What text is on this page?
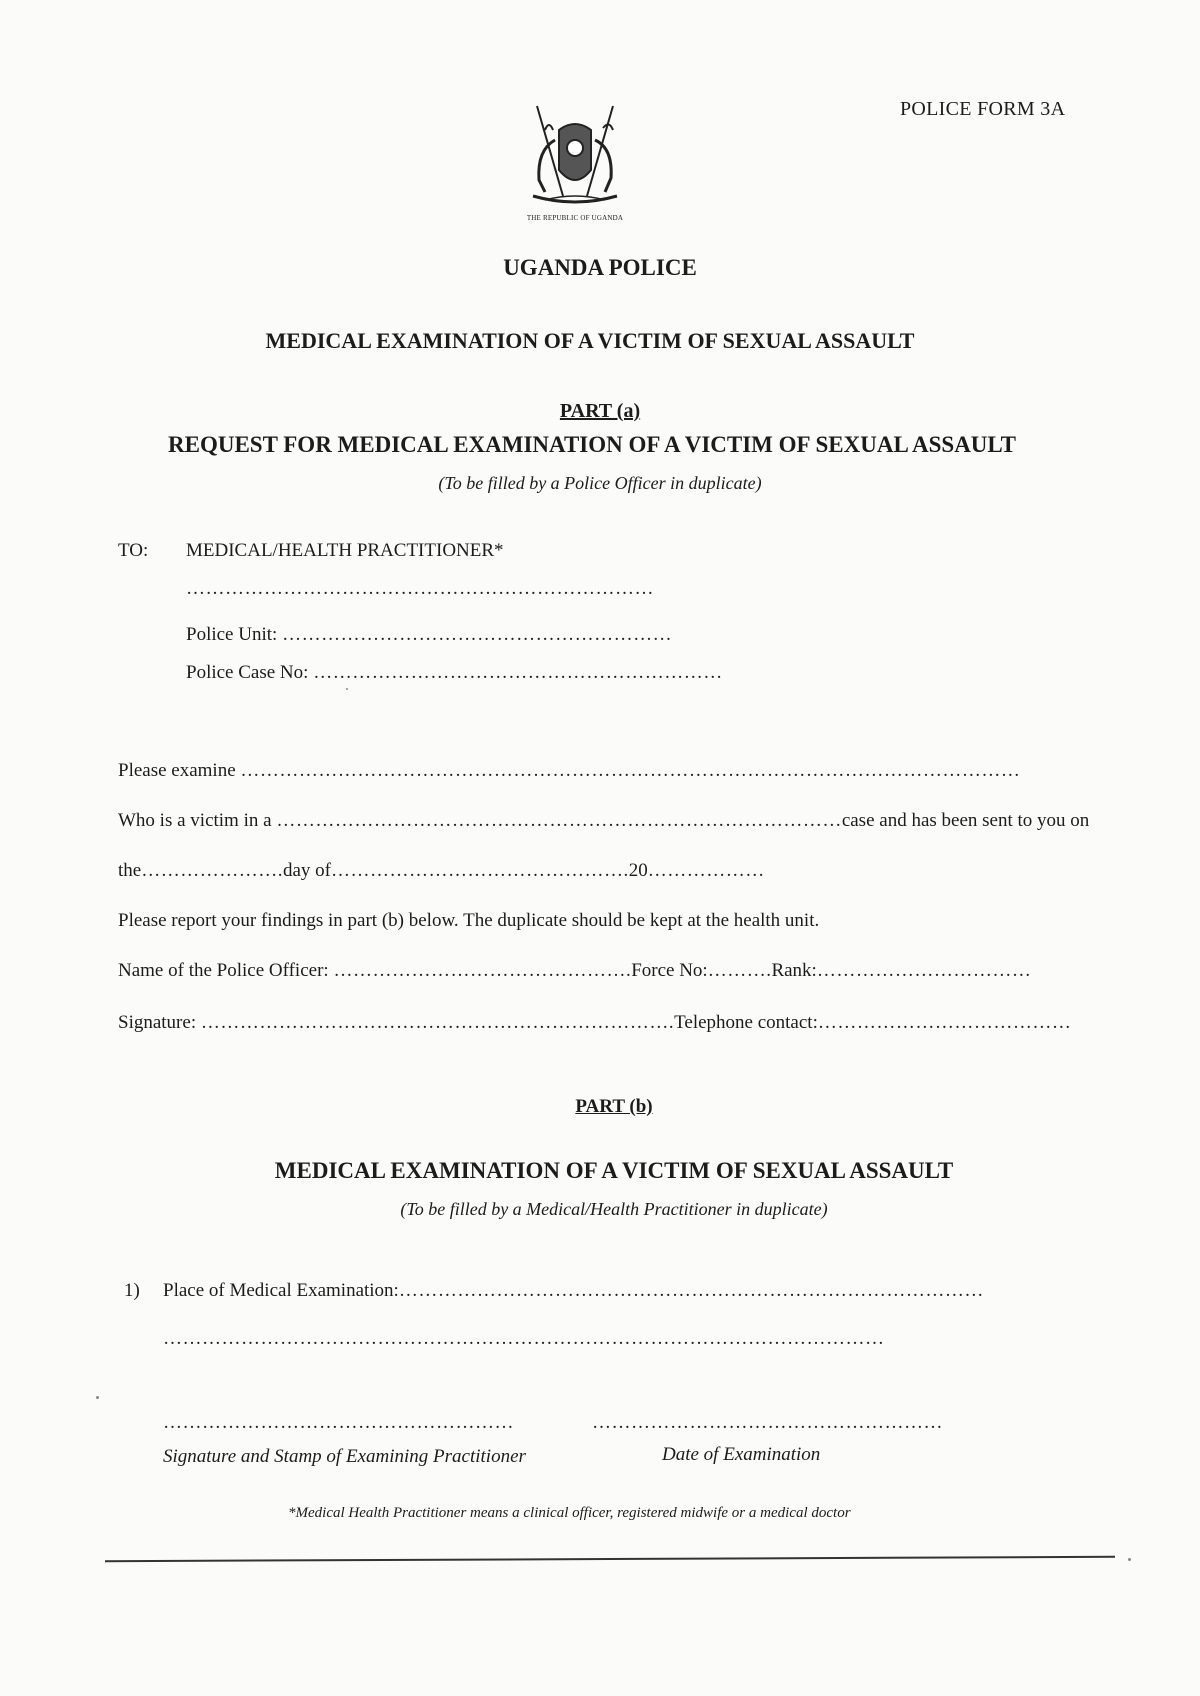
POLICE FORM 3A
THE REPUBLIC OF UGANDA
UGANDA POLICE
MEDICAL EXAMINATION OF A VICTIM OF SEXUAL ASSAULT
PART (a)
REQUEST FOR MEDICAL EXAMINATION OF A VICTIM OF SEXUAL ASSAULT
(To be filled by a Police Officer in duplicate)
TO: MEDICAL/HEALTH PRACTITIONER*
………………………………………………………………
Police Unit: ……………………………………………………
Police Case No: ………………………………………………………
Please examine …………………………………………………………………………………………………………
Who is a victim in a ……………………………………………………………………………case and has been sent to you on
the………………….day of……………………………………….20………………
Please report your findings in part (b) below. The duplicate should be kept at the health unit.
Name of the Police Officer: ……………………………………….Force No:……….Rank:……………………………
Signature: ……………………………………………………………….Telephone contact:…………………………………
PART (b)
MEDICAL EXAMINATION OF A VICTIM OF SEXUAL ASSAULT
(To be filled by a Medical/Health Practitioner in duplicate)
1) Place of Medical Examination:………………………………………………………………………………
…………………………………………………………………………………………………
………………………………………………	………………………………………………
Signature and Stamp of Examining Practitioner	Date of Examination
*Medical Health Practitioner means a clinical officer, registered midwife or a medical doctor
